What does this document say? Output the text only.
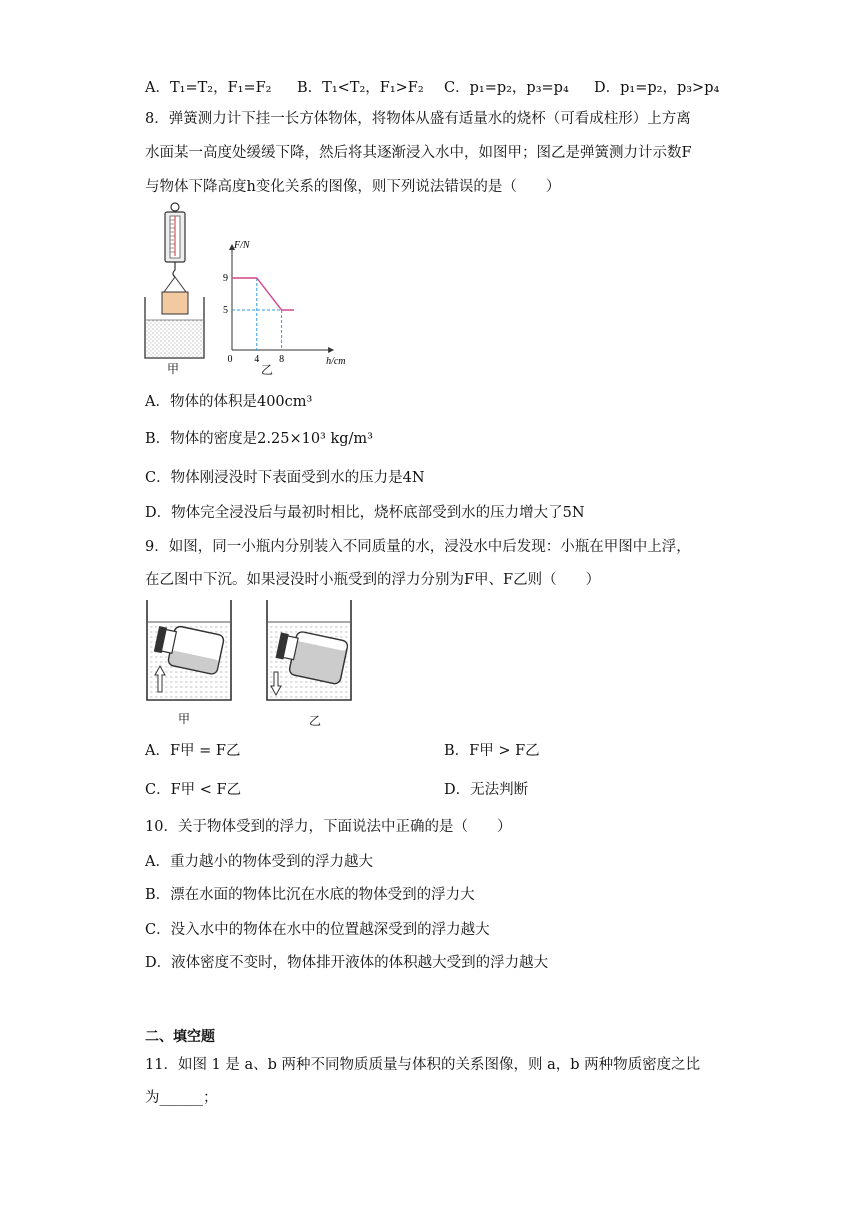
A．T₁=T₂，F₁=F₂ B．T₁<T₂，F₁>F₂ C．p₁=p₂，p₃=p₄ D．p₁=p₂，p₃>p₄
8．弹簧测力计下挂一长方体物体，将物体从盛有适量水的烧杯（可看成柱形）上方离
水面某一高度处缓缓下降，然后将其逐渐浸入水中，如图甲；图乙是弹簧测力计示数F
与物体下降高度h变化关系的图像，则下列说法错误的是（　　）
甲
0 4 8
9
5
F/N
h/cm
乙
A．物体的体积是400cm³
B．物体的密度是2.25×10³ kg/m³
C．物体刚浸没时下表面受到水的压力是4N
D．物体完全浸没后与最初时相比，烧杯底部受到水的压力增大了5N
9．如图，同一小瓶内分别装入不同质量的水，浸没水中后发现：小瓶在甲图中上浮，
在乙图中下沉。如果浸没时小瓶受到的浮力分别为F甲、F乙则（　　）
甲	乙
A．F甲 = F乙	B．F甲 > F乙
C．F甲 < F乙	D．无法判断
10．关于物体受到的浮力，下面说法中正确的是（　　）
A．重力越小的物体受到的浮力越大
B．漂在水面的物体比沉在水底的物体受到的浮力大
C．没入水中的物体在水中的位置越深受到的浮力越大
D．液体密度不变时，物体排开液体的体积越大受到的浮力越大
二、填空题
11．如图 1 是 a、b 两种不同物质质量与体积的关系图像，则 a，b 两种物质密度之比
为______；
